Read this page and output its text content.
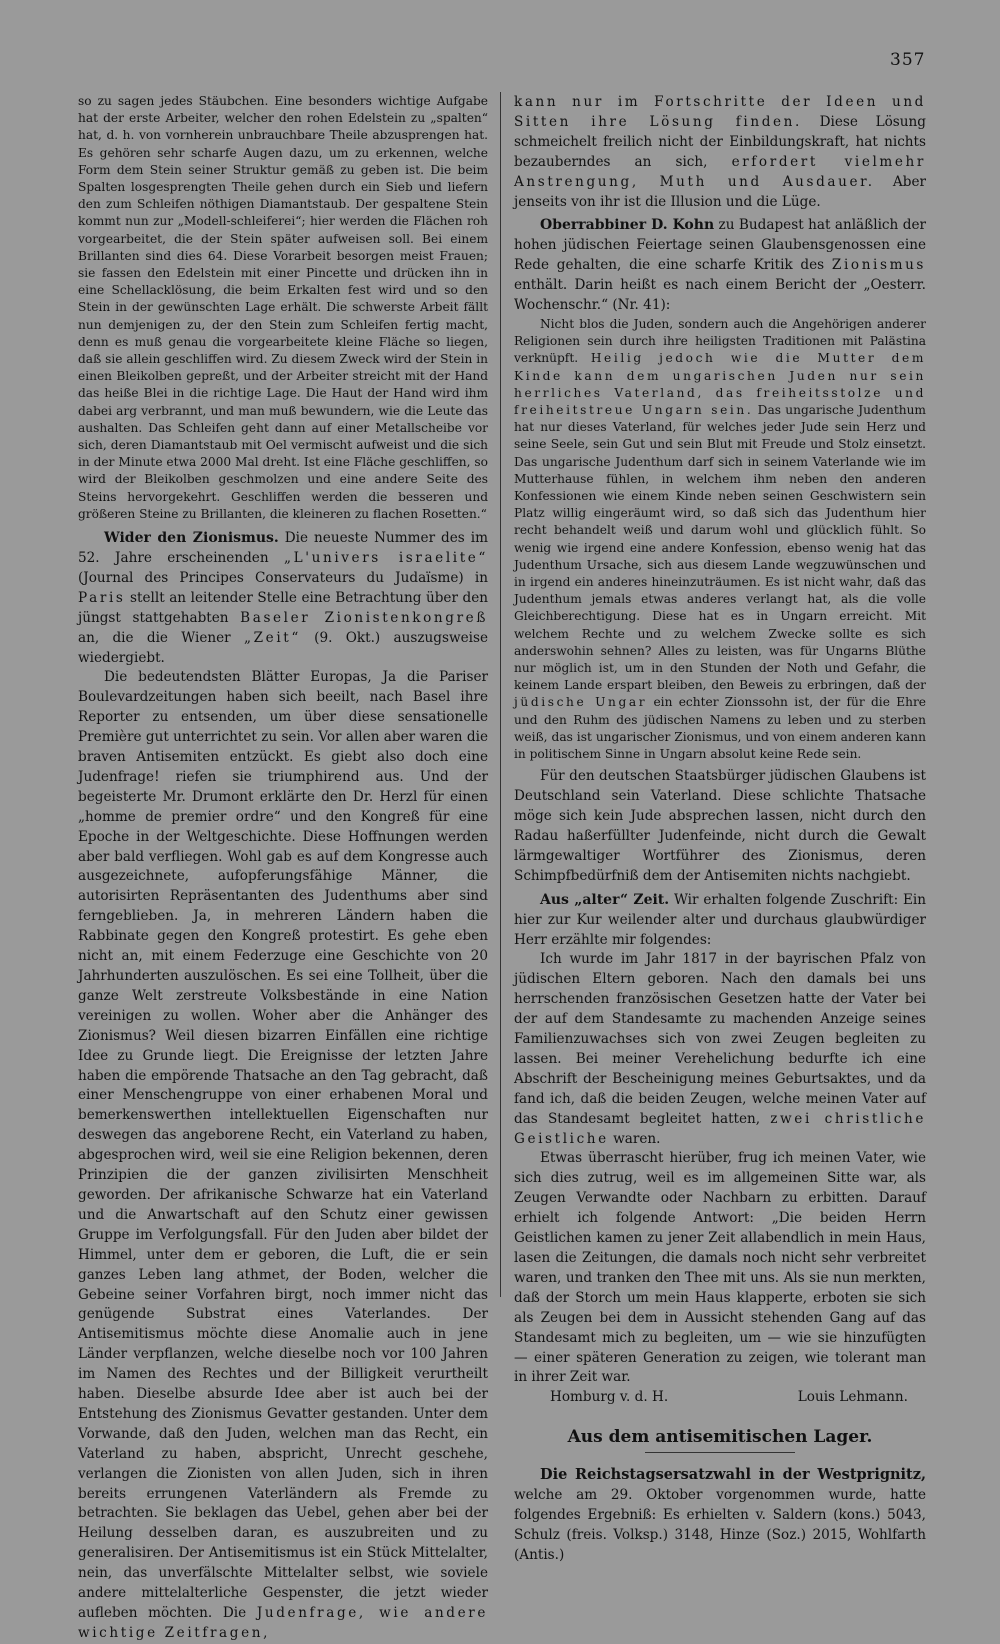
357

so zu sagen jedes Stäubchen. Eine besonders wichtige Aufgabe hat der erste Arbeiter, welcher den rohen Edelstein zu „spalten“ hat, d. h. von vornherein unbrauchbare Theile abzusprengen hat. Es gehören sehr scharfe Augen dazu, um zu erkennen, welche Form dem Stein seiner Struktur gemäß zu geben ist. Die beim Spalten losgesprengten Theile gehen durch ein Sieb und liefern den zum Schleifen nöthigen Diamantstaub. Der gespaltene Stein kommt nun zur „Modell-schleiferei“; hier werden die Flächen roh vorgearbeitet, die der Stein später aufweisen soll. Bei einem Brillanten sind dies 64. Diese Vorarbeit besorgen meist Frauen; sie fassen den Edelstein mit einer Pincette und drücken ihn in eine Schellacklösung, die beim Erkalten fest wird und so den Stein in der gewünschten Lage erhält. Die schwerste Arbeit fällt nun demjenigen zu, der den Stein zum Schleifen fertig macht, denn es muß genau die vorgearbeitete kleine Fläche so liegen, daß sie allein geschliffen wird. Zu diesem Zweck wird der Stein in einen Bleikolben gepreßt, und der Arbeiter streicht mit der Hand das heiße Blei in die richtige Lage. Die Haut der Hand wird ihm dabei arg verbrannt, und man muß bewundern, wie die Leute das aushalten. Das Schleifen geht dann auf einer Metallscheibe vor sich, deren Diamantstaub mit Oel vermischt aufweist und die sich in der Minute etwa 2000 Mal dreht. Ist eine Fläche geschliffen, so wird der Bleikolben geschmolzen und eine andere Seite des Steins hervorgekehrt. Geschliffen werden die besseren und größeren Steine zu Brillanten, die kleineren zu flachen Rosetten.“

Wider den Zionismus. Die neueste Nummer des im 52. Jahre erscheinenden „L'univers israelite“ (Journal des Principes Conservateurs du Judaïsme) in Paris stellt an leitender Stelle eine Betrachtung über den jüngst stattgehabten Baseler Zionistenkongreß an, die die Wiener „Zeit“ (9. Okt.) auszugsweise wiedergiebt.

Die bedeutendsten Blätter Europas, Ja die Pariser Boulevardzeitungen haben sich beeilt, nach Basel ihre Reporter zu entsenden, um über diese sensationelle Première gut unterrichtet zu sein. Vor allen aber waren die braven Antisemiten entzückt. Es giebt also doch eine Judenfrage! riefen sie triumphirend aus. Und der begeisterte Mr. Drumont erklärte den Dr. Herzl für einen „homme de premier ordre“ und den Kongreß für eine Epoche in der Weltgeschichte. Diese Hoffnungen werden aber bald verfliegen. Wohl gab es auf dem Kongresse auch ausgezeichnete, aufopferungsfähige Männer, die autorisirten Repräsentanten des Judenthums aber sind ferngeblieben. Ja, in mehreren Ländern haben die Rabbinate gegen den Kongreß protestirt. Es gehe eben nicht an, mit einem Federzuge eine Geschichte von 20 Jahrhunderten auszulöschen. Es sei eine Tollheit, über die ganze Welt zerstreute Volksbestände in eine Nation vereinigen zu wollen. Woher aber die Anhänger des Zionismus? Weil diesen bizarren Einfällen eine richtige Idee zu Grunde liegt. Die Ereignisse der letzten Jahre haben die empörende Thatsache an den Tag gebracht, daß einer Menschengruppe von einer erhabenen Moral und bemerkenswerthen intellektuellen Eigenschaften nur deswegen das angeborene Recht, ein Vaterland zu haben, abgesprochen wird, weil sie eine Religion bekennen, deren Prinzipien die der ganzen zivilisirten Menschheit geworden. Der afrikanische Schwarze hat ein Vaterland und die Anwartschaft auf den Schutz einer gewissen Gruppe im Verfolgungsfall. Für den Juden aber bildet der Himmel, unter dem er geboren, die Luft, die er sein ganzes Leben lang athmet, der Boden, welcher die Gebeine seiner Vorfahren birgt, noch immer nicht das genügende Substrat eines Vaterlandes. Der Antisemitismus möchte diese Anomalie auch in jene Länder verpflanzen, welche dieselbe noch vor 100 Jahren im Namen des Rechtes und der Billigkeit verurtheilt haben. Dieselbe absurde Idee aber ist auch bei der Entstehung des Zionismus Gevatter gestanden. Unter dem Vorwande, daß den Juden, welchen man das Recht, ein Vaterland zu haben, abspricht, Unrecht geschehe, verlangen die Zionisten von allen Juden, sich in ihren bereits errungenen Vaterländern als Fremde zu betrachten. Sie beklagen das Uebel, gehen aber bei der Heilung desselben daran, es auszubreiten und zu generalisiren. Der Antisemitismus ist ein Stück Mittelalter, nein, das unverfälschte Mittelalter selbst, wie soviele andere mittelalterliche Gespenster, die jetzt wieder aufleben möchten. Die Judenfrage, wie andere wichtige Zeitfragen,

kann nur im Fortschritte der Ideen und Sitten ihre Lösung finden. Diese Lösung schmeichelt freilich nicht der Einbildungskraft, hat nichts bezauberndes an sich, erfordert vielmehr Anstrengung, Muth und Ausdauer. Aber jenseits von ihr ist die Illusion und die Lüge.

Oberrabbiner D. Kohn zu Budapest hat anläßlich der hohen jüdischen Feiertage seinen Glaubensgenossen eine Rede gehalten, die eine scharfe Kritik des Zionismus enthält. Darin heißt es nach einem Bericht der „Oesterr. Wochenschr.“ (Nr. 41):

Nicht blos die Juden, sondern auch die Angehörigen anderer Religionen sein durch ihre heiligsten Traditionen mit Palästina verknüpft. Heilig jedoch wie die Mutter dem Kinde kann dem ungarischen Juden nur sein herrliches Vaterland, das freiheitsstolze und freiheitstreue Ungarn sein. Das ungarische Judenthum hat nur dieses Vaterland, für welches jeder Jude sein Herz und seine Seele, sein Gut und sein Blut mit Freude und Stolz einsetzt. Das ungarische Judenthum darf sich in seinem Vaterlande wie im Mutterhause fühlen, in welchem ihm neben den anderen Konfessionen wie einem Kinde neben seinen Geschwistern sein Platz willig eingeräumt wird, so daß sich das Judenthum hier recht behandelt weiß und darum wohl und glücklich fühlt. So wenig wie irgend eine andere Konfession, ebenso wenig hat das Judenthum Ursache, sich aus diesem Lande wegzuwünschen und in irgend ein anderes hineinzuträumen. Es ist nicht wahr, daß das Judenthum jemals etwas anderes verlangt hat, als die volle Gleichberechtigung. Diese hat es in Ungarn erreicht. Mit welchem Rechte und zu welchem Zwecke sollte es sich anderswohin sehnen? Alles zu leisten, was für Ungarns Blüthe nur möglich ist, um in den Stunden der Noth und Gefahr, die keinem Lande erspart bleiben, den Beweis zu erbringen, daß der jüdische Ungar ein echter Zionssohn ist, der für die Ehre und den Ruhm des jüdischen Namens zu leben und zu sterben weiß, das ist ungarischer Zionismus, und von einem anderen kann in politischem Sinne in Ungarn absolut keine Rede sein.

Für den deutschen Staatsbürger jüdischen Glaubens ist Deutschland sein Vaterland. Diese schlichte Thatsache möge sich kein Jude absprechen lassen, nicht durch den Radau haßerfüllter Judenfeinde, nicht durch die Gewalt lärmgewaltiger Wortführer des Zionismus, deren Schimpfbedürfniß dem der Antisemiten nichts nachgiebt.

Aus „alter“ Zeit. Wir erhalten folgende Zuschrift: Ein hier zur Kur weilender alter und durchaus glaubwürdiger Herr erzählte mir folgendes:

Ich wurde im Jahr 1817 in der bayrischen Pfalz von jüdischen Eltern geboren. Nach den damals bei uns herrschenden französischen Gesetzen hatte der Vater bei der auf dem Standesamte zu machenden Anzeige seines Familienzuwachses sich von zwei Zeugen begleiten zu lassen. Bei meiner Verehelichung bedurfte ich eine Abschrift der Bescheinigung meines Geburtsaktes, und da fand ich, daß die beiden Zeugen, welche meinen Vater auf das Standesamt begleitet hatten, zwei christliche Geistliche waren.

Etwas überrascht hierüber, frug ich meinen Vater, wie sich dies zutrug, weil es im allgemeinen Sitte war, als Zeugen Verwandte oder Nachbarn zu erbitten. Darauf erhielt ich folgende Antwort: „Die beiden Herrn Geistlichen kamen zu jener Zeit allabendlich in mein Haus, lasen die Zeitungen, die damals noch nicht sehr verbreitet waren, und tranken den Thee mit uns. Als sie nun merkten, daß der Storch um mein Haus klapperte, erboten sie sich als Zeugen bei dem in Aussicht stehenden Gang auf das Standesamt mich zu begleiten, um — wie sie hinzufügten — einer späteren Generation zu zeigen, wie tolerant man in ihrer Zeit war.

Homburg v. d. H.	Louis Lehmann.
Aus dem antisemitischen Lager.

Die Reichstagsersatzwahl in der Westprignitz, welche am 29. Oktober vorgenommen wurde, hatte folgendes Ergebniß: Es erhielten v. Saldern (kons.) 5043, Schulz (freis. Volksp.) 3148, Hinze (Soz.) 2015, Wohlfarth (Antis.)
